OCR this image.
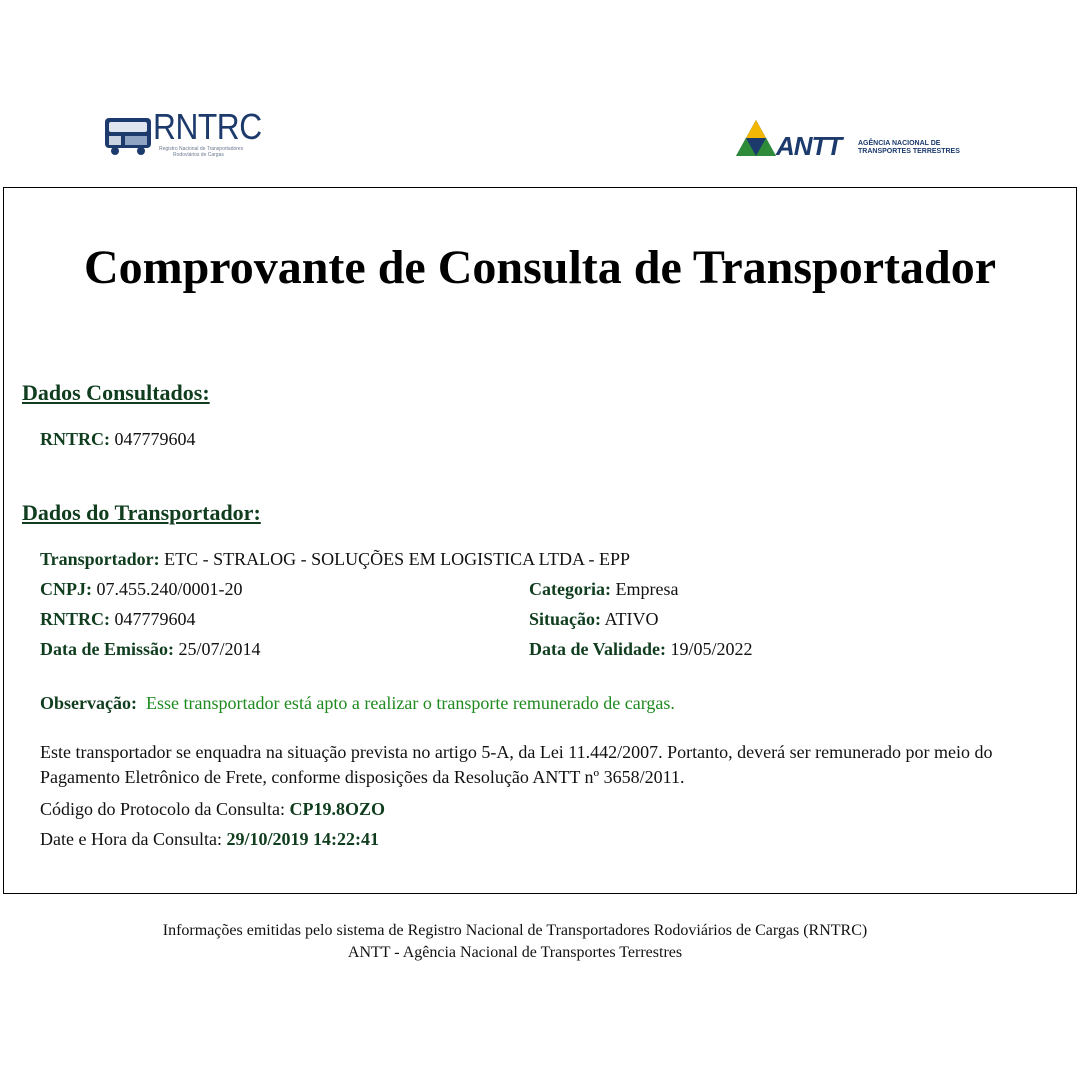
RNTRC
Registro Nacional de Transportadores
Rodoviários de Cargas	ANTT AGÊNCIA NACIONAL DE
TRANSPORTES TERRESTRES
Comprovante de Consulta de Transportador
Dados Consultados:
RNTRC: 047779604
Dados do Transportador:
Transportador: ETC - STRALOG - SOLUÇÕES EM LOGISTICA LTDA - EPP
CNPJ: 07.455.240/0001-20	Categoria: Empresa
RNTRC: 047779604	Situação: ATIVO
Data de Emissão: 25/07/2014	Data de Validade: 19/05/2022
Observação: Esse transportador está apto a realizar o transporte remunerado de cargas.
Este transportador se enquadra na situação prevista no artigo 5-A, da Lei 11.442/2007. Portanto, deverá ser remunerado por meio do Pagamento Eletrônico de Frete, conforme disposições da Resolução ANTT nº 3658/2011.
Código do Protocolo da Consulta: CP19.8OZO
Date e Hora da Consulta: 29/10/2019 14:22:41
Informações emitidas pelo sistema de Registro Nacional de Transportadores Rodoviários de Cargas (RNTRC)
ANTT - Agência Nacional de Transportes Terrestres
